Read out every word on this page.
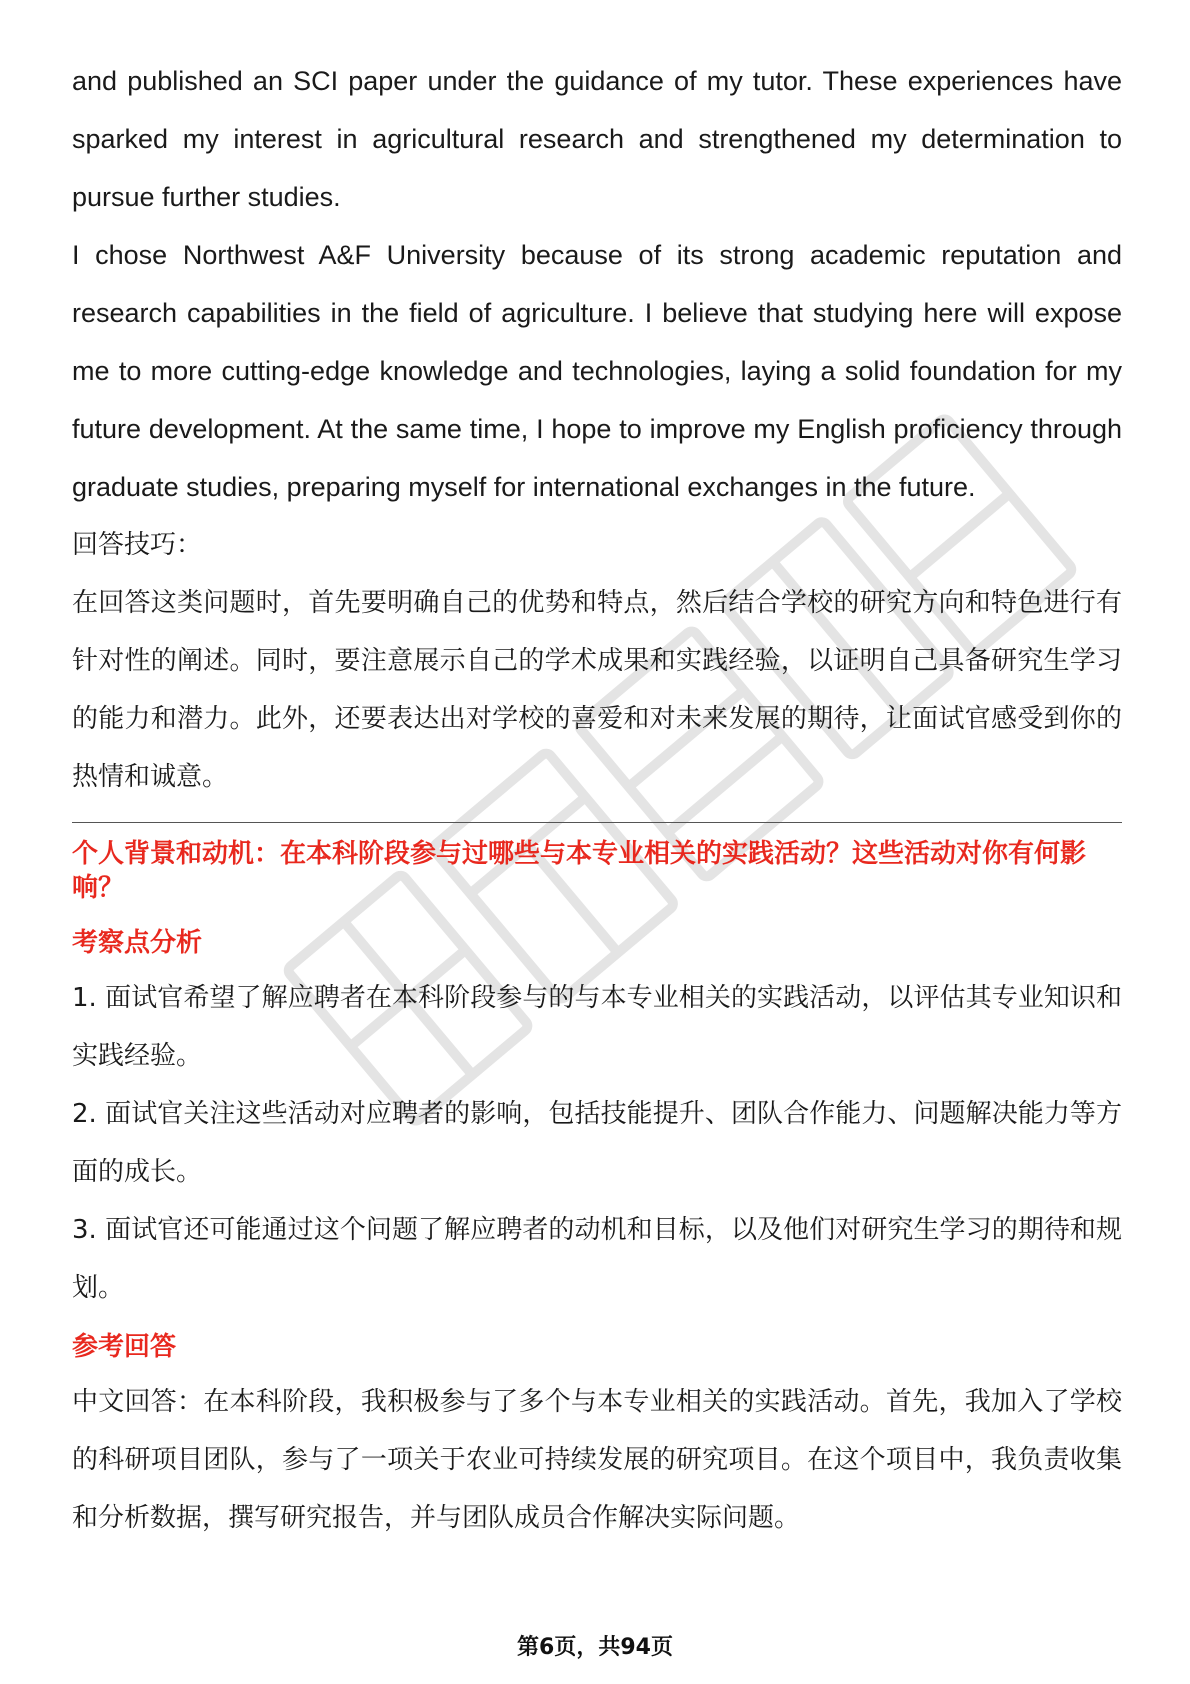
and published an SCI paper under the guidance of my tutor. These experiences have sparked my interest in agricultural research and strengthened my determination to pursue further studies.

I chose Northwest A&F University because of its strong academic reputation and research capabilities in the field of agriculture. I believe that studying here will expose me to more cutting-edge knowledge and technologies, laying a solid foundation for my future development. At the same time, I hope to improve my English proficiency through graduate studies, preparing myself for international exchanges in the future.

回答技巧：

在回答这类问题时，首先要明确自己的优势和特点，然后结合学校的研究方向和特色进行有针对性的阐述。同时，要注意展示自己的学术成果和实践经验，以证明自己具备研究生学习的能力和潜力。此外，还要表达出对学校的喜爱和对未来发展的期待，让面试官感受到你的热情和诚意。

个人背景和动机：在本科阶段参与过哪些与本专业相关的实践活动？这些活动对你有何影响？
考察点分析

1. 面试官希望了解应聘者在本科阶段参与的与本专业相关的实践活动，以评估其专业知识和实践经验。

2. 面试官关注这些活动对应聘者的影响，包括技能提升、团队合作能力、问题解决能力等方面的成长。

3. 面试官还可能通过这个问题了解应聘者的动机和目标，以及他们对研究生学习的期待和规划。

参考回答

中文回答：在本科阶段，我积极参与了多个与本专业相关的实践活动。首先，我加入了学校的科研项目团队，参与了一项关于农业可持续发展的研究项目。在这个项目中，我负责收集和分析数据，撰写研究报告，并与团队成员合作解决实际问题。

第6页，共94页
